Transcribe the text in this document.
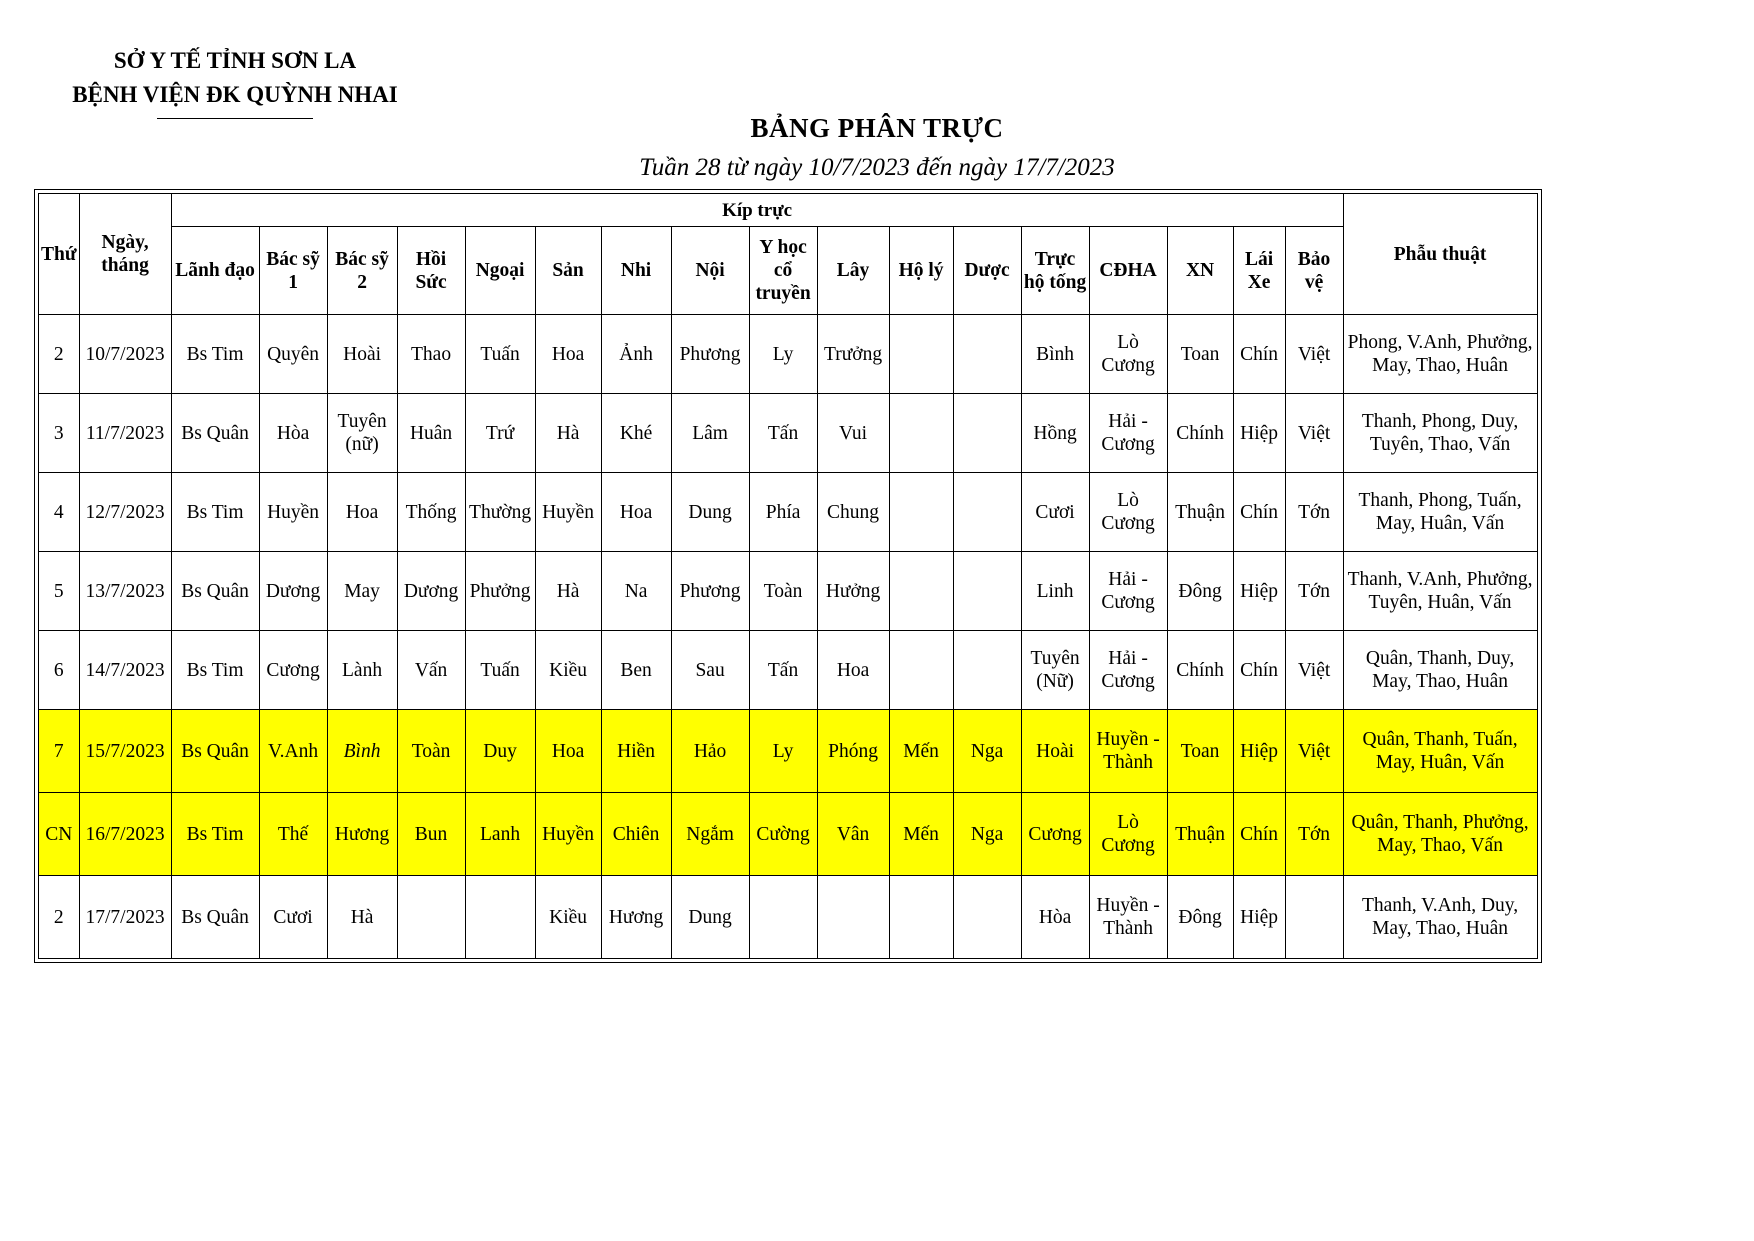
SỞ Y TẾ TỈNH SƠN LA
BỆNH VIỆN ĐK QUỲNH NHAI
BẢNG PHÂN TRỰC
Tuần 28 từ ngày 10/7/2023 đến ngày 17/7/2023
Thứ	Ngày, tháng	Kíp trực																	Phẫu thuật
		Lãnh đạo	Bác sỹ 1	Bác sỹ 2	Hồi Sức	Ngoại	Sản	Nhi	Nội	Y học cổ truyền	Lây	Hộ lý	Dược	Trực hộ tống	CĐHA	XN	Lái Xe	Bảo vệ	
2	10/7/2023	Bs Tim	Quyên	Hoài	Thao	Tuấn	Hoa	Ảnh	Phương	Ly	Trưởng			Bình	Lò Cương	Toan	Chín	Việt	Phong, V.Anh, Phưởng, May, Thao, Huân
3	11/7/2023	Bs Quân	Hòa	Tuyên (nữ)	Huân	Trứ	Hà	Khé	Lâm	Tấn	Vui			Hồng	Hải - Cương	Chính	Hiệp	Việt	Thanh, Phong, Duy, Tuyên, Thao, Vấn
4	12/7/2023	Bs Tim	Huyền	Hoa	Thống	Thường	Huyền	Hoa	Dung	Phía	Chung			Cươi	Lò Cương	Thuận	Chín	Tớn	Thanh, Phong, Tuấn, May, Huân, Vấn
5	13/7/2023	Bs Quân	Dương	May	Dương	Phưởng	Hà	Na	Phương	Toàn	Hưởng			Linh	Hải - Cương	Đông	Hiệp	Tớn	Thanh, V.Anh, Phưởng, Tuyên, Huân, Vấn
6	14/7/2023	Bs Tim	Cương	Lành	Vấn	Tuấn	Kiều	Ben	Sau	Tấn	Hoa			Tuyên (Nữ)	Hải - Cương	Chính	Chín	Việt	Quân, Thanh, Duy, May, Thao, Huân
7	15/7/2023	Bs Quân	V.Anh	Bình	Toàn	Duy	Hoa	Hiền	Hảo	Ly	Phóng	Mến	Nga	Hoài	Huyền - Thành	Toan	Hiệp	Việt	Quân, Thanh, Tuấn, May, Huân, Vấn
CN	16/7/2023	Bs Tim	Thế	Hương	Bun	Lanh	Huyền	Chiên	Ngắm	Cường	Vân	Mến	Nga	Cương	Lò Cương	Thuận	Chín	Tớn	Quân, Thanh, Phưởng, May, Thao, Vấn
2	17/7/2023	Bs Quân	Cươi	Hà			Kiều	Hương	Dung					Hòa	Huyền - Thành	Đông	Hiệp		Thanh, V.Anh, Duy, May, Thao, Huân
